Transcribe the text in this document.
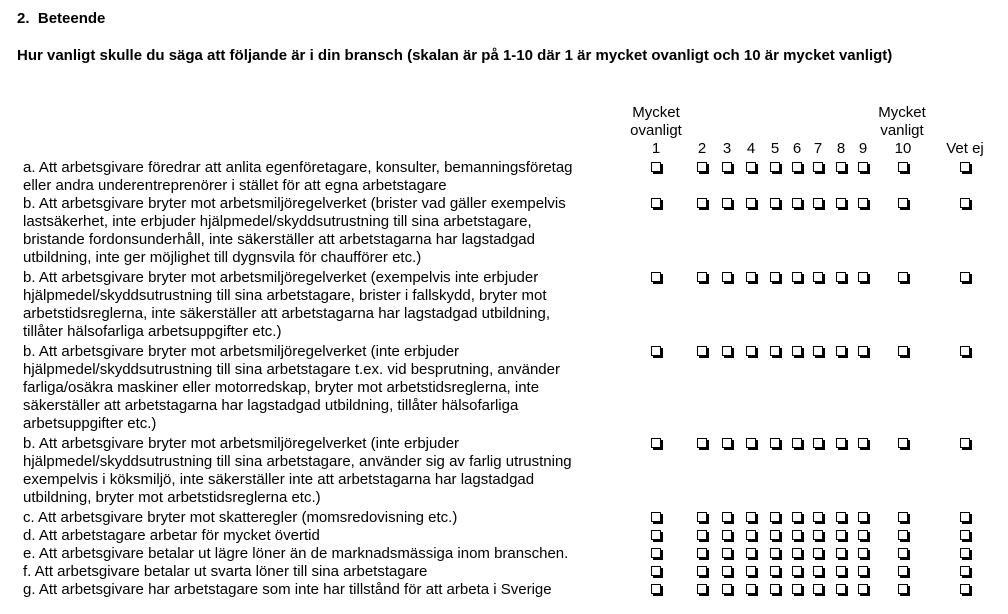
2. Beteende
Hur vanligt skulle du säga att följande är i din bransch (skalan är på 1-10 där 1 är mycket ovanligt och 10 är mycket vanligt)
Mycket
ovanligt
Mycket
vanligt
1	2 3 4 5 6 7 8 9 10 Vet ej
a. Att arbetsgivare föredrar att anlita egenföretagare, konsulter, bemanningsföretag
eller andra underentreprenörer i stället för att egna arbetstagare
b. Att arbetsgivare bryter mot arbetsmiljöregelverket (brister vad gäller exempelvis
lastsäkerhet, inte erbjuder hjälpmedel/skyddsutrustning till sina arbetstagare,
bristande fordonsunderhåll, inte säkerställer att arbetstagarna har lagstadgad
utbildning, inte ger möjlighet till dygnsvila för chaufförer etc.)
b. Att arbetsgivare bryter mot arbetsmiljöregelverket (exempelvis inte erbjuder
hjälpmedel/skyddsutrustning till sina arbetstagare, brister i fallskydd, bryter mot
arbetstidsreglerna, inte säkerställer att arbetstagarna har lagstadgad utbildning,
tillåter hälsofarliga arbetsuppgifter etc.)
b. Att arbetsgivare bryter mot arbetsmiljöregelverket (inte erbjuder
hjälpmedel/skyddsutrustning till sina arbetstagare t.ex. vid besprutning, använder
farliga/osäkra maskiner eller motorredskap, bryter mot arbetstidsreglerna, inte
säkerställer att arbetstagarna har lagstadgad utbildning, tillåter hälsofarliga
arbetsuppgifter etc.)
b. Att arbetsgivare bryter mot arbetsmiljöregelverket (inte erbjuder
hjälpmedel/skyddsutrustning till sina arbetstagare, använder sig av farlig utrustning
exempelvis i köksmiljö, inte säkerställer inte att arbetstagarna har lagstadgad
utbildning, bryter mot arbetstidsreglerna etc.)
c. Att arbetsgivare bryter mot skatteregler (momsredovisning etc.)
d. Att arbetstagare arbetar för mycket övertid
e. Att arbetsgivare betalar ut lägre löner än de marknadsmässiga inom branschen.
f. Att arbetsgivare betalar ut svarta löner till sina arbetstagare
g. Att arbetsgivare har arbetstagare som inte har tillstånd för att arbeta i Sverige
